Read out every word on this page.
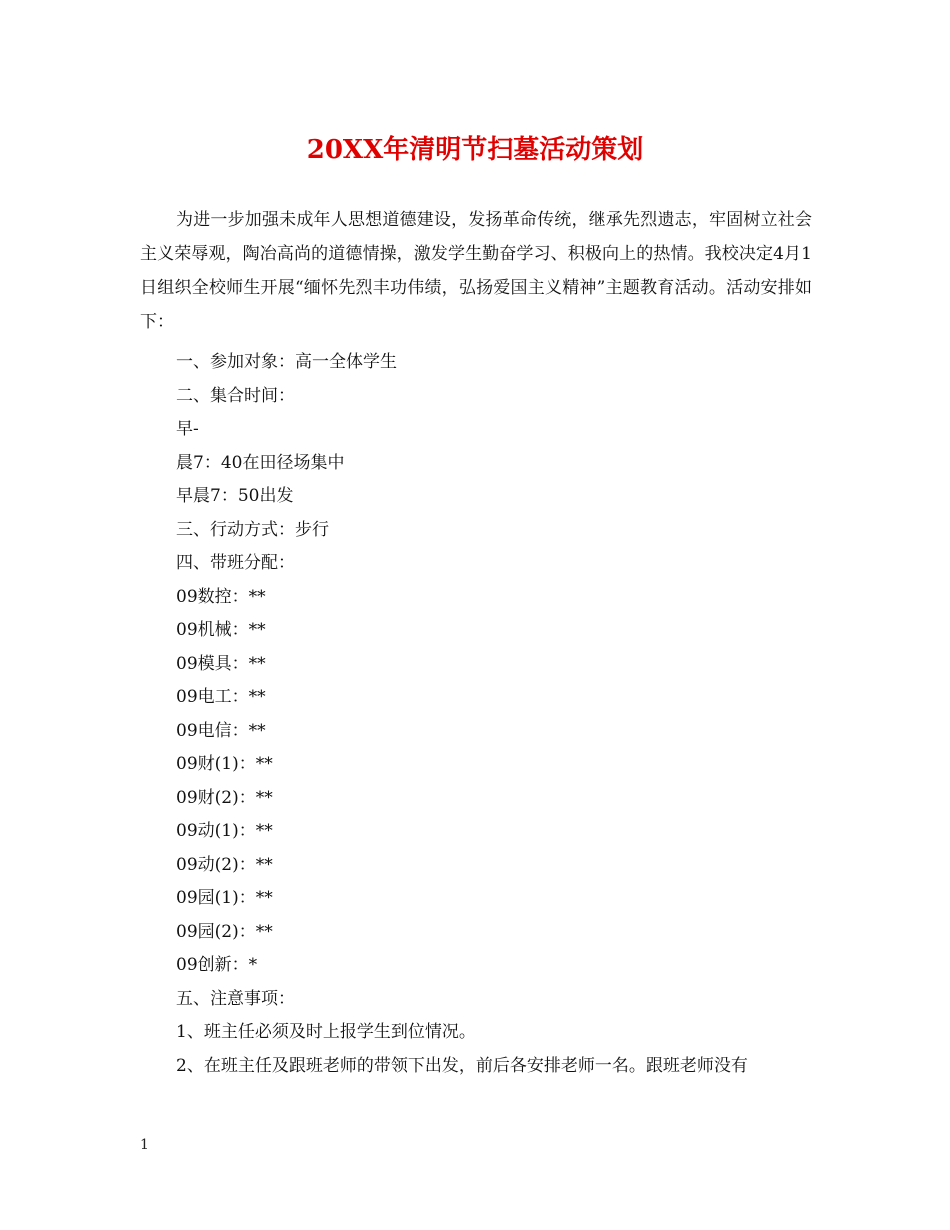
20XX年清明节扫墓活动策划

为进一步加强未成年人思想道德建设，发扬革命传统，继承先烈遗志，牢固树立社会主义荣辱观，陶冶高尚的道德情操，激发学生勤奋学习、积极向上的热情。我校决定4月1日组织全校师生开展“缅怀先烈丰功伟绩，弘扬爱国主义精神”主题教育活动。活动安排如下：

一、参加对象：高一全体学生
二、集合时间：
早-
晨7：40在田径场集中
早晨7：50出发
三、行动方式：步行
四、带班分配：
09数控：**
09机械：**
09模具：**
09电工：**
09电信：**
09财(1)：**
09财(2)：**
09动(1)：**
09动(2)：**
09园(1)：**
09园(2)：**
09创新：*
五、注意事项：
1、班主任必须及时上报学生到位情况。
2、在班主任及跟班老师的带领下出发，前后各安排老师一名。跟班老师没有
1
